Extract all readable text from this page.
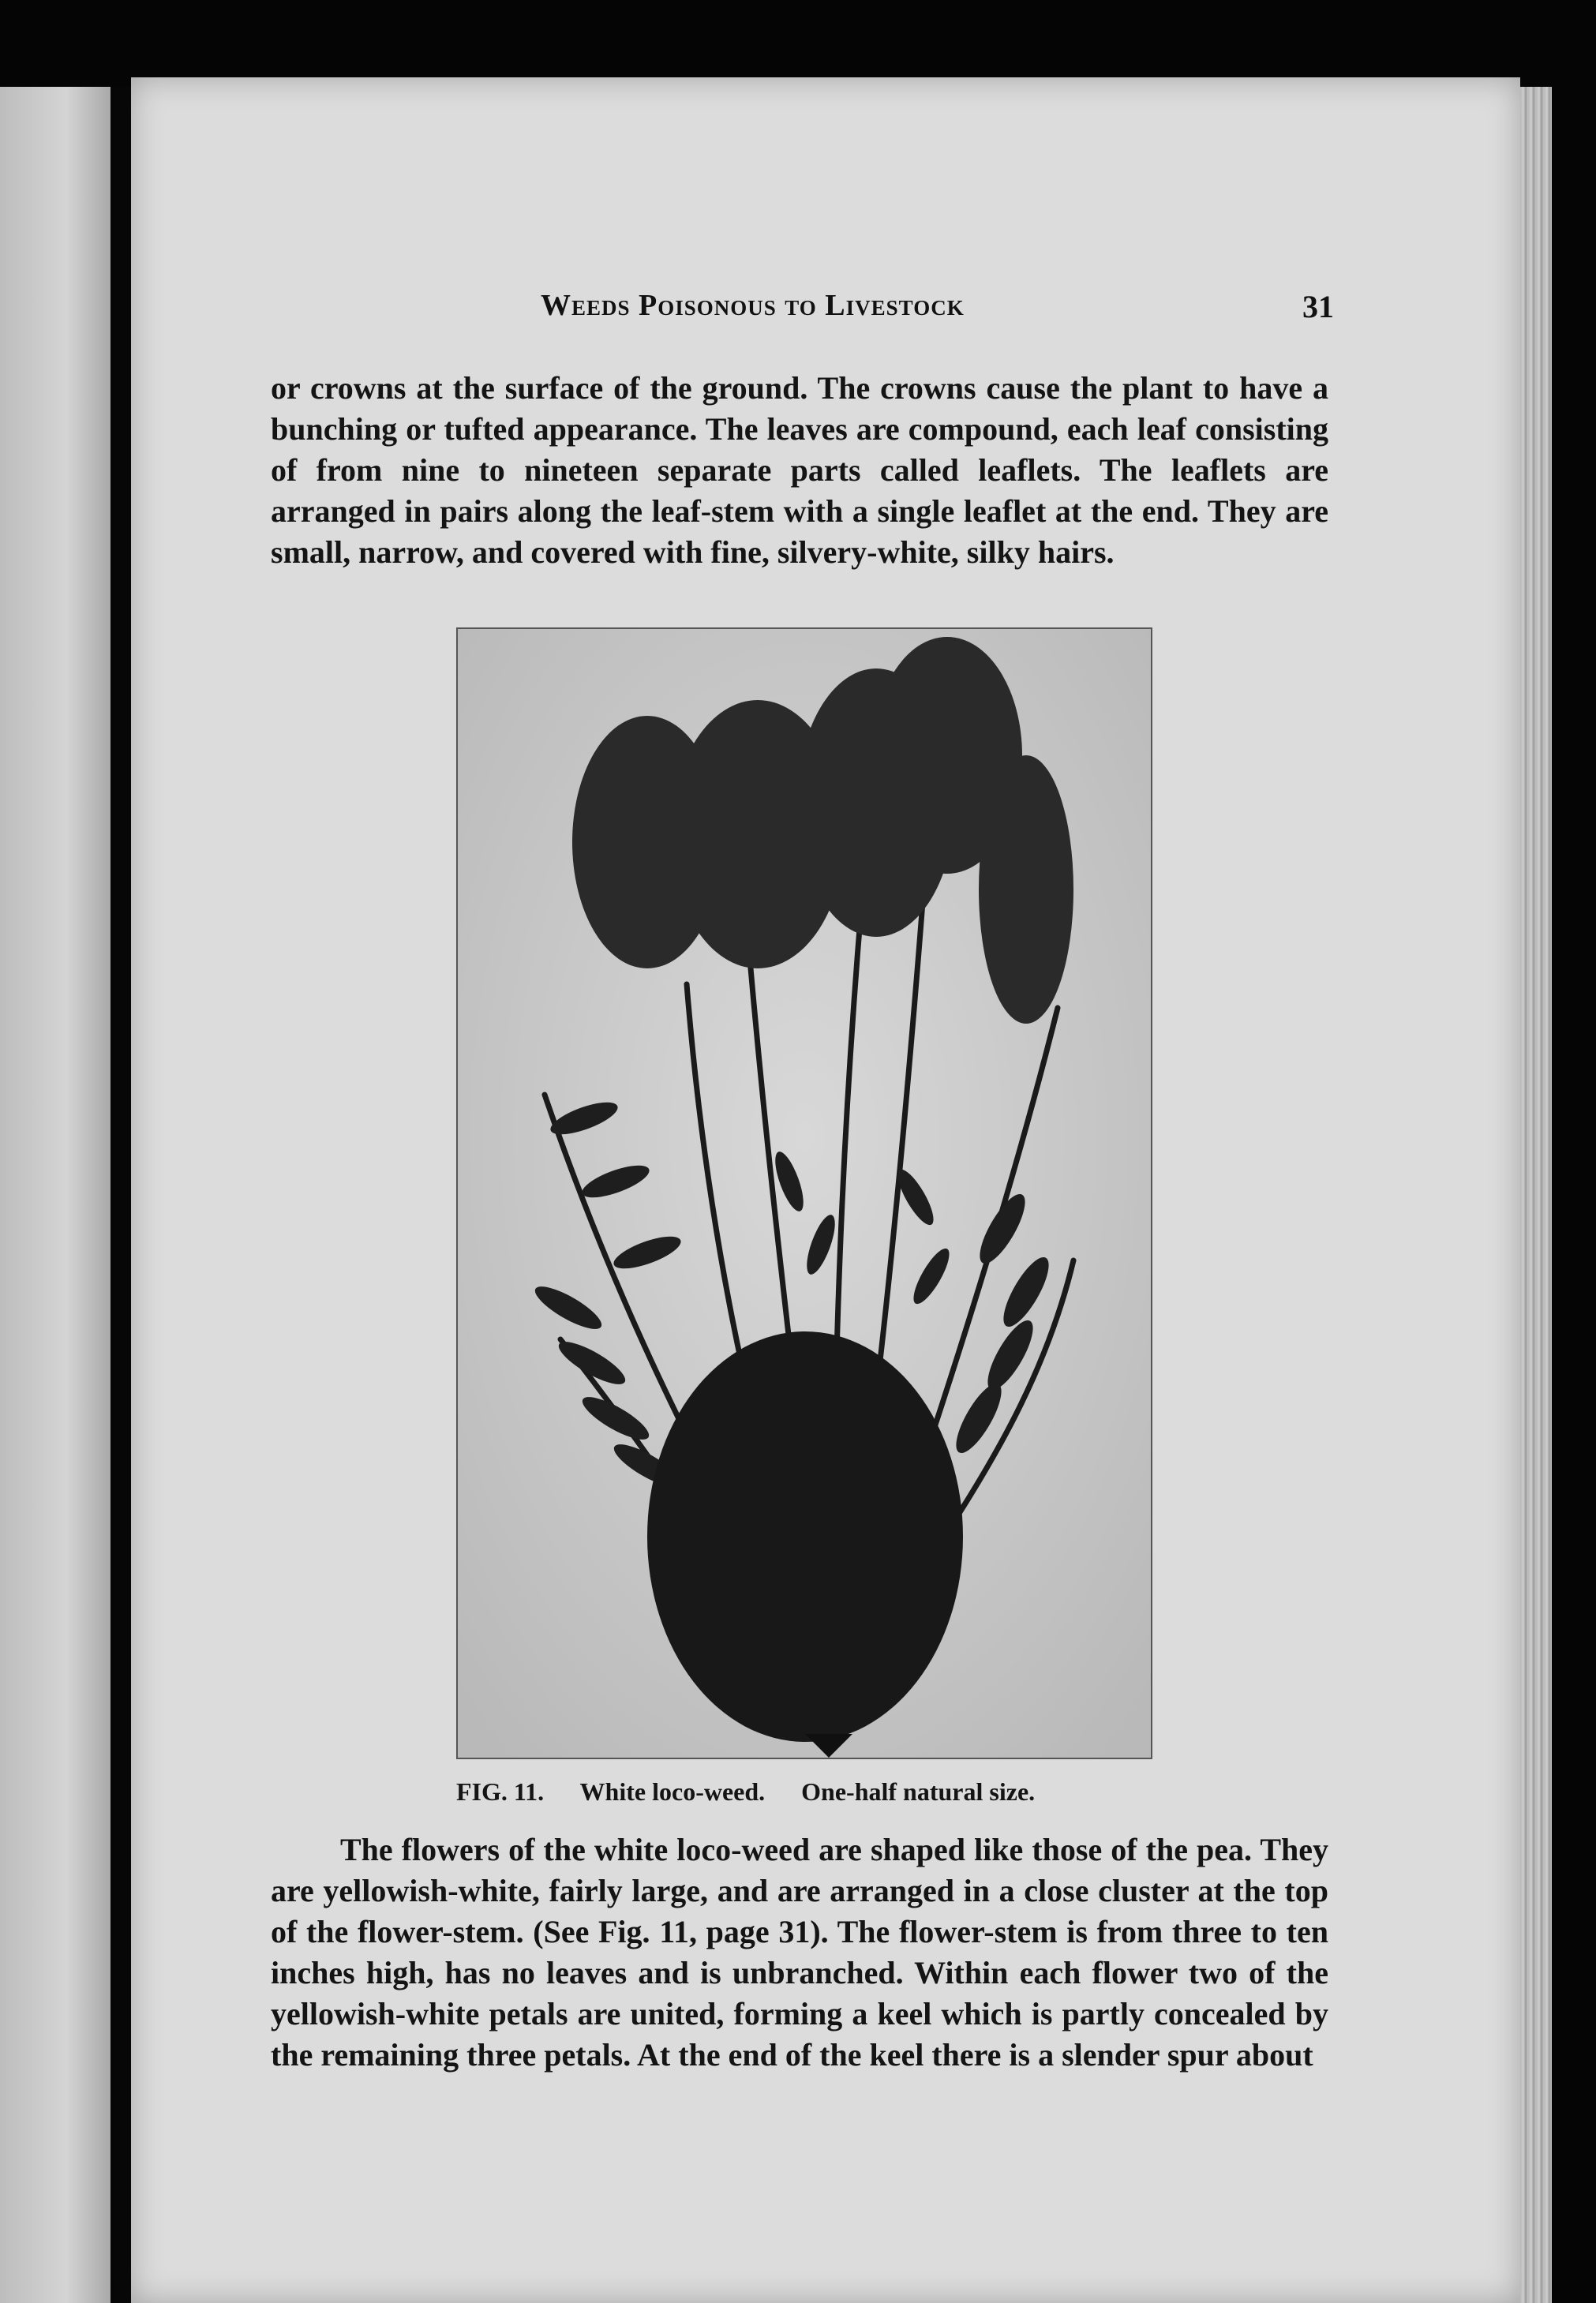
Weeds Poisonous to Livestock	31
or crowns at the surface of the ground. The crowns cause the plant to have a bunching or tufted appearance. The leaves are compound, each leaf consisting of from nine to nineteen separate parts called leaflets. The leaflets are arranged in pairs along the leaf-stem with a single leaflet at the end. They are small, narrow, and covered with fine, silvery-white, silky hairs.
FIG. 11. White loco-weed. One-half natural size.
The flowers of the white loco-weed are shaped like those of the pea. They are yellowish-white, fairly large, and are arranged in a close cluster at the top of the flower-stem. (See Fig. 11, page 31). The flower-stem is from three to ten inches high, has no leaves and is unbranched. Within each flower two of the yellowish-white petals are united, forming a keel which is partly concealed by the remaining three petals. At the end of the keel there is a slender spur about
